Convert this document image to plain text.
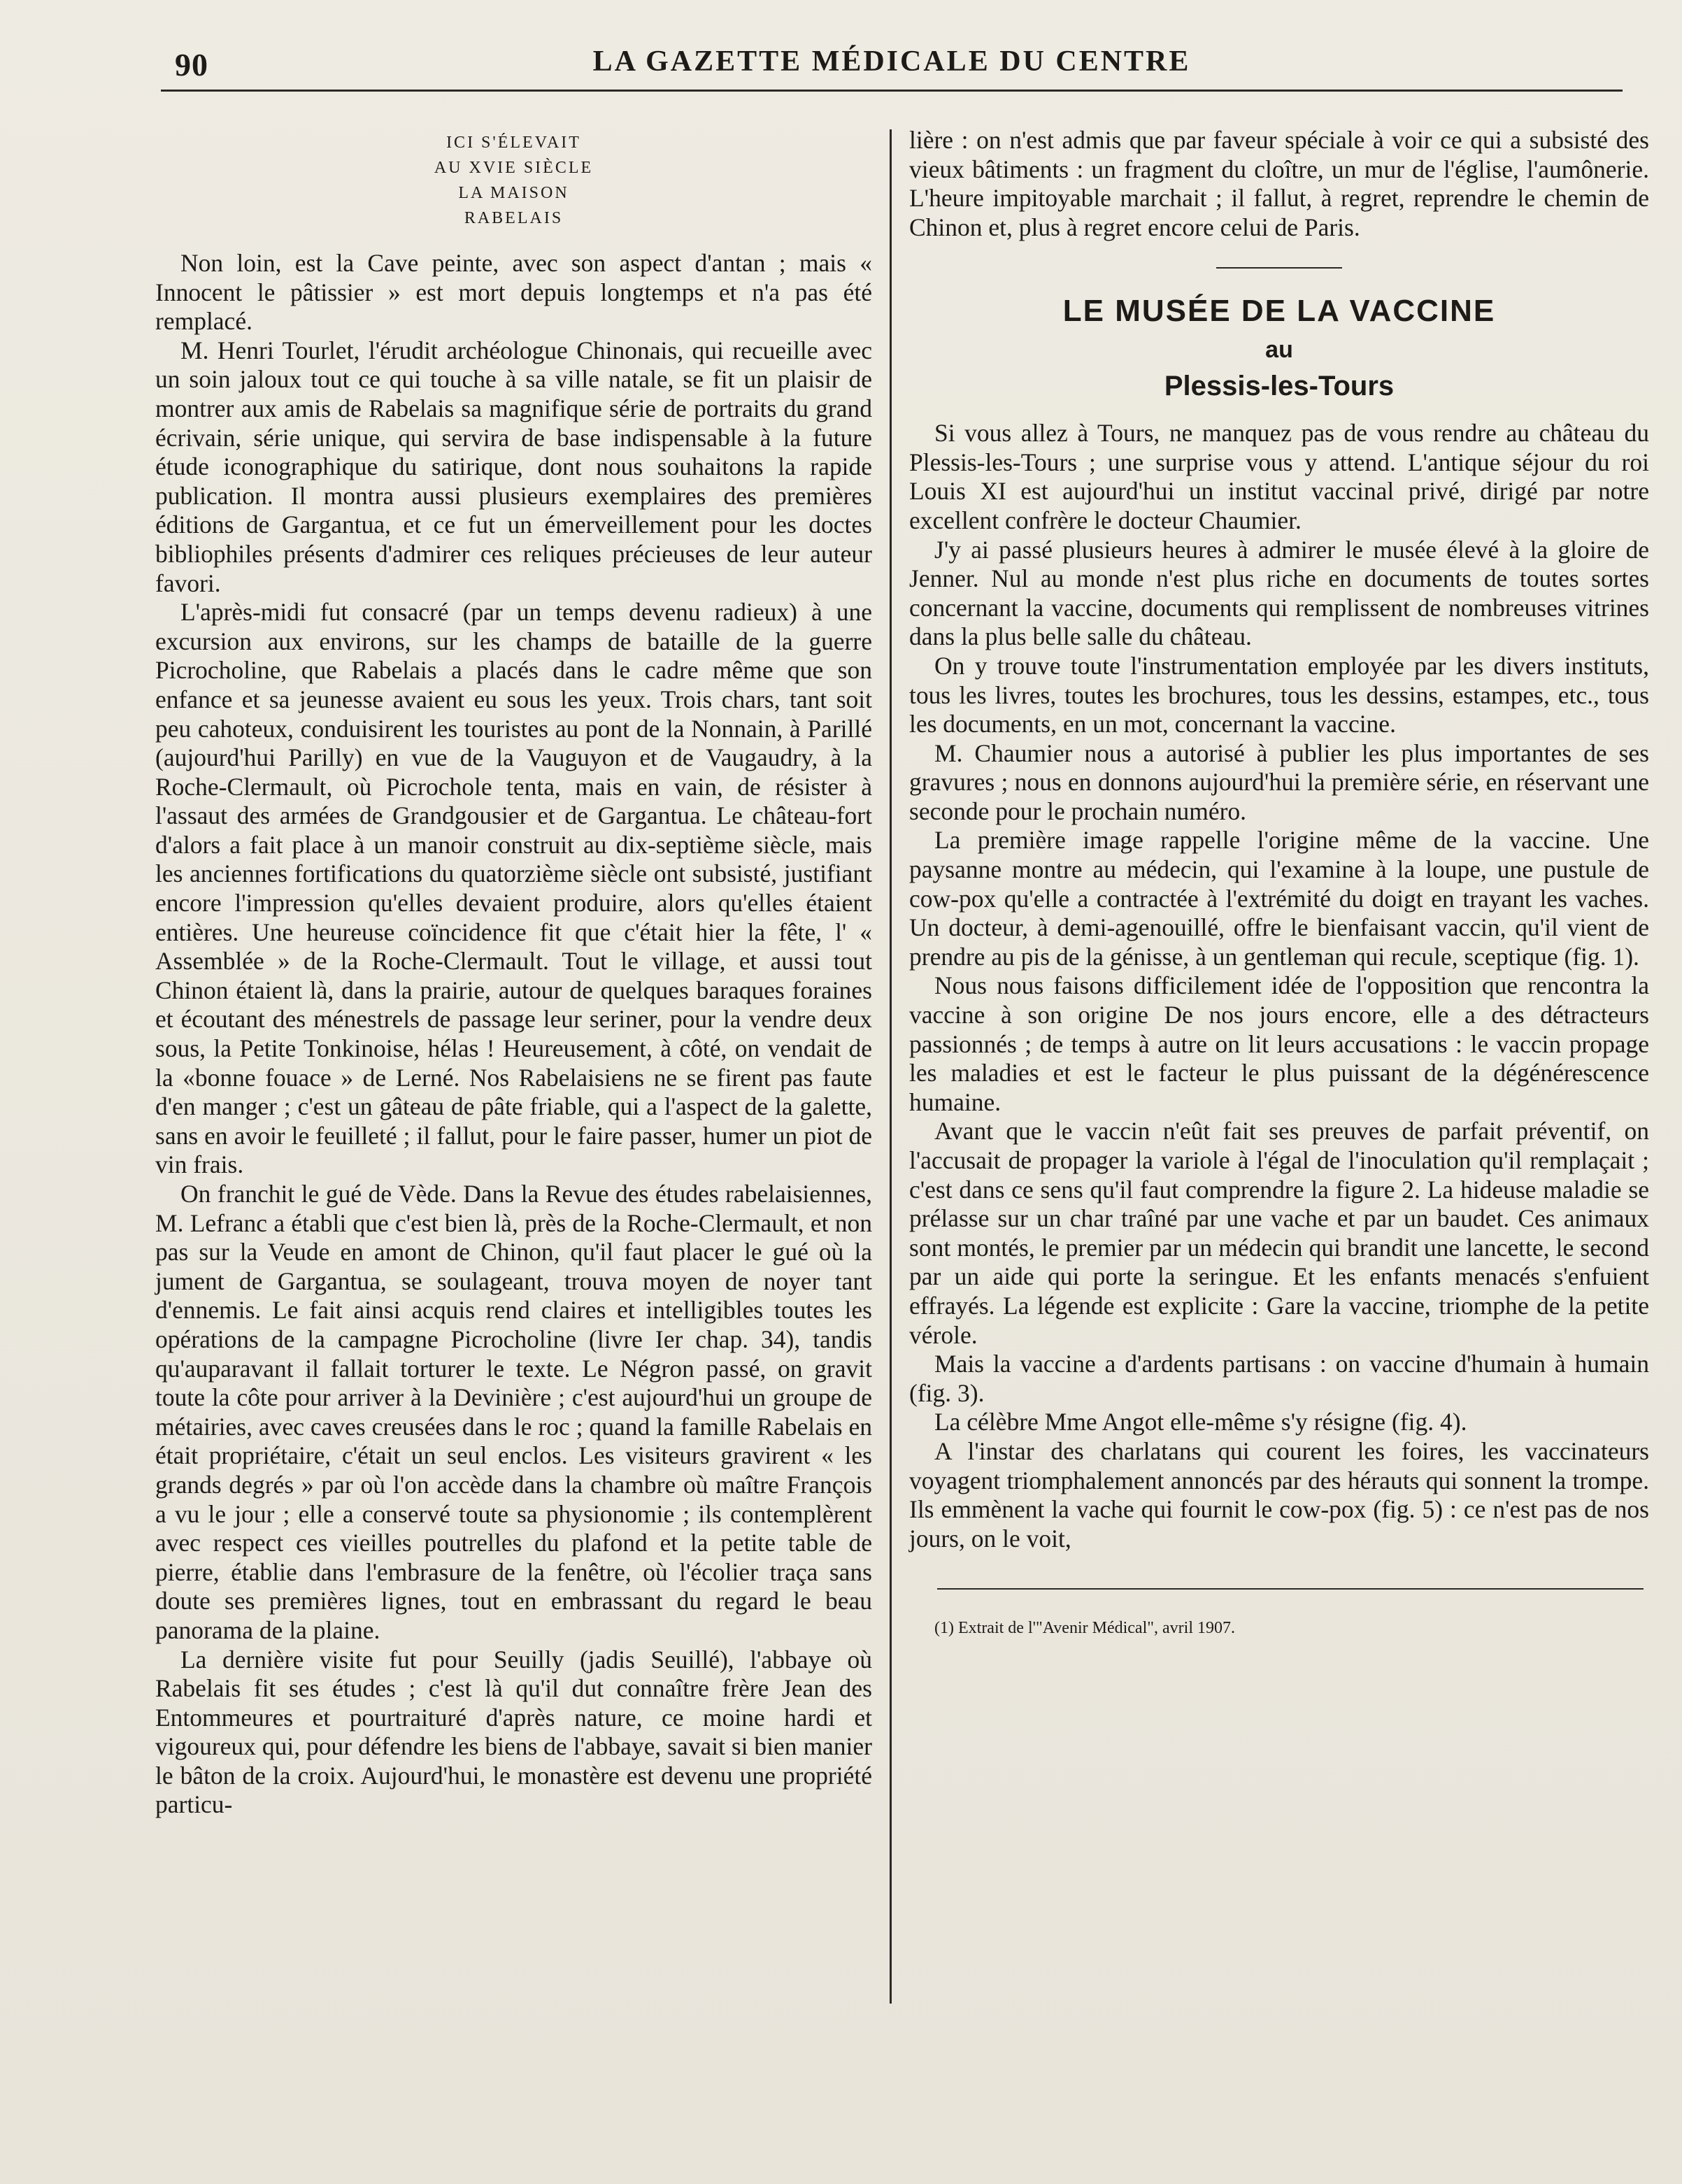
90	LA GAZETTE MÉDICALE DU CENTRE
ICI S'ÉLEVAIT
AU XVIE SIÈCLE
LA MAISON
RABELAIS

Non loin, est la Cave peinte, avec son aspect d'antan ; mais « Innocent le pâtissier » est mort depuis longtemps et n'a pas été remplacé.

M. Henri Tourlet, l'érudit archéologue Chinonais, qui recueille avec un soin jaloux tout ce qui touche à sa ville natale, se fit un plaisir de montrer aux amis de Rabelais sa magnifique série de portraits du grand écrivain, série unique, qui servira de base indispensable à la future étude iconographique du satirique, dont nous souhaitons la rapide publication. Il montra aussi plusieurs exemplaires des premières éditions de Gargantua, et ce fut un émerveillement pour les doctes bibliophiles présents d'admirer ces reliques précieuses de leur auteur favori.

L'après-midi fut consacré (par un temps devenu radieux) à une excursion aux environs, sur les champs de bataille de la guerre Picrocholine, que Rabelais a placés dans le cadre même que son enfance et sa jeunesse avaient eu sous les yeux. Trois chars, tant soit peu cahoteux, conduisirent les touristes au pont de la Nonnain, à Parillé (aujourd'hui Parilly) en vue de la Vauguyon et de Vaugaudry, à la Roche-Clermault, où Picrochole tenta, mais en vain, de résister à l'assaut des armées de Grandgousier et de Gargantua. Le château-fort d'alors a fait place à un manoir construit au dix-septième siècle, mais les anciennes fortifications du quatorzième siècle ont subsisté, justifiant encore l'impression qu'elles devaient produire, alors qu'elles étaient entières. Une heureuse coïncidence fit que c'était hier la fête, l' « Assemblée » de la Roche-Clermault. Tout le village, et aussi tout Chinon étaient là, dans la prairie, autour de quelques baraques foraines et écoutant des ménestrels de passage leur seriner, pour la vendre deux sous, la Petite Tonkinoise, hélas ! Heureusement, à côté, on vendait de la «bonne fouace » de Lerné. Nos Rabelaisiens ne se firent pas faute d'en manger ; c'est un gâteau de pâte friable, qui a l'aspect de la galette, sans en avoir le feuilleté ; il fallut, pour le faire passer, humer un piot de vin frais.

On franchit le gué de Vède. Dans la Revue des études rabelaisiennes, M. Lefranc a établi que c'est bien là, près de la Roche-Clermault, et non pas sur la Veude en amont de Chinon, qu'il faut placer le gué où la jument de Gargantua, se soulageant, trouva moyen de noyer tant d'ennemis. Le fait ainsi acquis rend claires et intelligibles toutes les opérations de la campagne Picrocholine (livre Ier chap. 34), tandis qu'auparavant il fallait torturer le texte. Le Négron passé, on gravit toute la côte pour arriver à la Devinière ; c'est aujourd'hui un groupe de métairies, avec caves creusées dans le roc ; quand la famille Rabelais en était propriétaire, c'était un seul enclos. Les visiteurs gravirent « les grands degrés » par où l'on accède dans la chambre où maître François a vu le jour ; elle a conservé toute sa physionomie ; ils contemplèrent avec respect ces vieilles poutrelles du plafond et la petite table de pierre, établie dans l'embrasure de la fenêtre, où l'écolier traça sans doute ses premières lignes, tout en embrassant du regard le beau panorama de la plaine.

La dernière visite fut pour Seuilly (jadis Seuillé), l'abbaye où Rabelais fit ses études ; c'est là qu'il dut connaître frère Jean des Entommeures et pourtraituré d'après nature, ce moine hardi et vigoureux qui, pour défendre les biens de l'abbaye, savait si bien manier le bâton de la croix. Aujourd'hui, le monastère est devenu une propriété particu-

lière : on n'est admis que par faveur spéciale à voir ce qui a subsisté des vieux bâtiments : un fragment du cloître, un mur de l'église, l'aumônerie. L'heure impitoyable marchait ; il fallut, à regret, reprendre le chemin de Chinon et, plus à regret encore celui de Paris.

LE MUSÉE DE LA VACCINE
au
Plessis-les-Tours

Si vous allez à Tours, ne manquez pas de vous rendre au château du Plessis-les-Tours ; une surprise vous y attend. L'antique séjour du roi Louis XI est aujourd'hui un institut vaccinal privé, dirigé par notre excellent confrère le docteur Chaumier.

J'y ai passé plusieurs heures à admirer le musée élevé à la gloire de Jenner. Nul au monde n'est plus riche en documents de toutes sortes concernant la vaccine, documents qui remplissent de nombreuses vitrines dans la plus belle salle du château.

On y trouve toute l'instrumentation employée par les divers instituts, tous les livres, toutes les brochures, tous les dessins, estampes, etc., tous les documents, en un mot, concernant la vaccine.

M. Chaumier nous a autorisé à publier les plus importantes de ses gravures ; nous en donnons aujourd'hui la première série, en réservant une seconde pour le prochain numéro.

La première image rappelle l'origine même de la vaccine. Une paysanne montre au médecin, qui l'examine à la loupe, une pustule de cow-pox qu'elle a contractée à l'extrémité du doigt en trayant les vaches. Un docteur, à demi-agenouillé, offre le bienfaisant vaccin, qu'il vient de prendre au pis de la génisse, à un gentleman qui recule, sceptique (fig. 1).

Nous nous faisons difficilement idée de l'opposition que rencontra la vaccine à son origine De nos jours encore, elle a des détracteurs passionnés ; de temps à autre on lit leurs accusations : le vaccin propage les maladies et est le facteur le plus puissant de la dégénérescence humaine.

Avant que le vaccin n'eût fait ses preuves de parfait préventif, on l'accusait de propager la variole à l'égal de l'inoculation qu'il remplaçait ; c'est dans ce sens qu'il faut comprendre la figure 2. La hideuse maladie se prélasse sur un char traîné par une vache et par un baudet. Ces animaux sont montés, le premier par un médecin qui brandit une lancette, le second par un aide qui porte la seringue. Et les enfants menacés s'enfuient effrayés. La légende est explicite : Gare la vaccine, triomphe de la petite vérole.

Mais la vaccine a d'ardents partisans : on vaccine d'humain à humain (fig. 3).

La célèbre Mme Angot elle-même s'y résigne (fig. 4).

A l'instar des charlatans qui courent les foires, les vaccinateurs voyagent triomphalement annoncés par des hérauts qui sonnent la trompe. Ils emmènent la vache qui fournit le cow-pox (fig. 5) : ce n'est pas de nos jours, on le voit,

(1) Extrait de l'"Avenir Médical", avril 1907.
